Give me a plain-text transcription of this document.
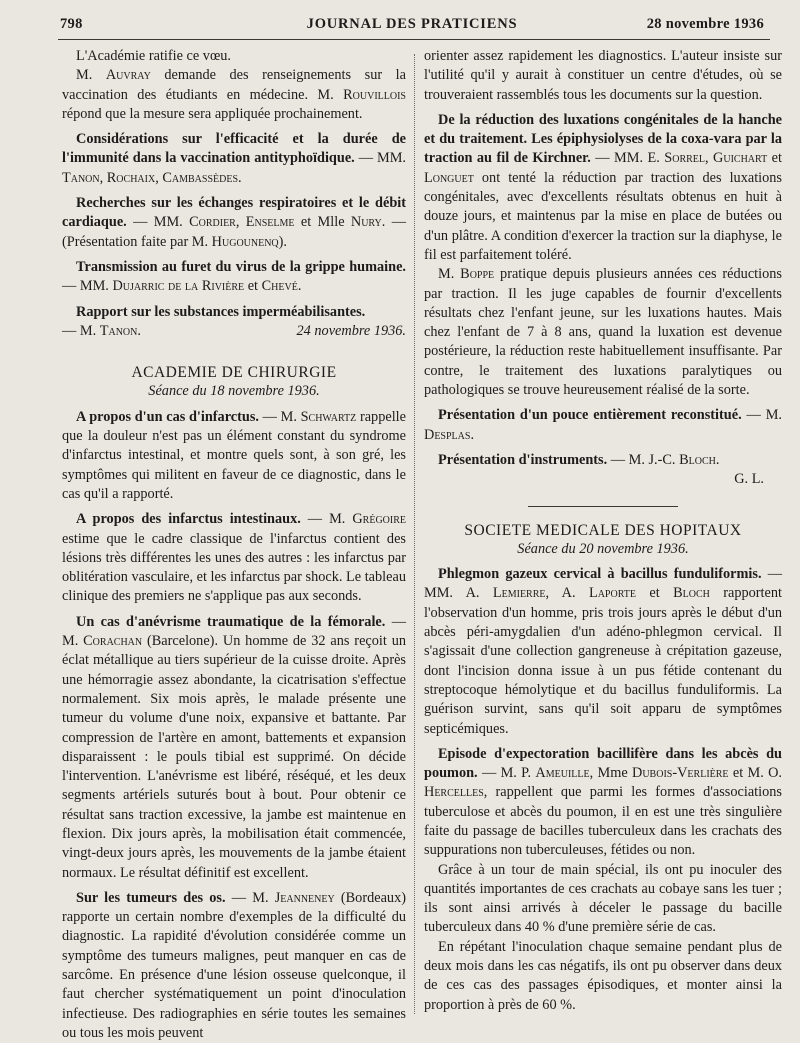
798	JOURNAL DES PRATICIENS	28 novembre 1936

L'Académie ratifie ce vœu.

M. Auvray demande des renseignements sur la vaccination des étudiants en médecine. M. Rouvillois répond que la mesure sera appliquée prochainement.

Considérations sur l'efficacité et la durée de l'immunité dans la vaccination antityphoïdique. — MM. Tanon, Rochaix, Cambassèdes.

Recherches sur les échanges respiratoires et le débit cardiaque. — MM. Cordier, Enselme et Mlle Nury. — (Présentation faite par M. Hugounenq).

Transmission au furet du virus de la grippe humaine. — MM. Dujarric de la Rivière et Chevé.

Rapport sur les substances imperméabilisantes.

— M. Tanon.	24 novembre 1936.
ACADEMIE DE CHIRURGIE
Séance du 18 novembre 1936.

A propos d'un cas d'infarctus. — M. Schwartz rappelle que la douleur n'est pas un élément constant du syndrome d'infarctus intestinal, et montre quels sont, à son gré, les symptômes qui militent en faveur de ce diagnostic, dans le cas qu'il a rapporté.

A propos des infarctus intestinaux. — M. Grégoire estime que le cadre classique de l'infarctus contient des lésions très différentes les unes des autres : les infarctus par oblitération vasculaire, et les infarctus par shock. Le tableau clinique des premiers ne s'applique pas aux seconds.

Un cas d'anévrisme traumatique de la fémorale. — M. Corachan (Barcelone). Un homme de 32 ans reçoit un éclat métallique au tiers supérieur de la cuisse droite. Après une hémorragie assez abondante, la cicatrisation s'effectue normalement. Six mois après, le malade présente une tumeur du volume d'une noix, expansive et battante. Par compression de l'artère en amont, battements et expansion disparaissent : le pouls tibial est supprimé. On décide l'intervention. L'anévrisme est libéré, réséqué, et les deux segments artériels suturés bout à bout. Pour obtenir ce résultat sans traction excessive, la jambe est maintenue en flexion. Dix jours après, la mobilisation était commencée, vingt-deux jours après, les mouvements de la jambe étaient normaux. Le résultat définitif est excellent.

Sur les tumeurs des os. — M. Jeanneney (Bordeaux) rapporte un certain nombre d'exemples de la difficulté du diagnostic. La rapidité d'évolution considérée comme un symptôme des tumeurs malignes, peut manquer en cas de sarcôme. En présence d'une lésion osseuse quelconque, il faut chercher systématiquement un point d'inoculation infectieuse. Des radiographies en série toutes les semaines ou tous les mois peuvent

orienter assez rapidement les diagnostics. L'auteur insiste sur l'utilité qu'il y aurait à constituer un centre d'études, où se trouveraient rassemblés tous les documents sur la question.

De la réduction des luxations congénitales de la hanche et du traitement. Les épiphysiolyses de la coxa-vara par la traction au fil de Kirchner. — MM. E. Sorrel, Guichart et Longuet ont tenté la réduction par traction des luxations congénitales, avec d'excellents résultats obtenus en huit à douze jours, et maintenus par la mise en place de butées ou d'un plâtre. A condition d'exercer la traction sur la diaphyse, le fil est parfaitement toléré.

M. Boppe pratique depuis plusieurs années ces réductions par traction. Il les juge capables de fournir d'excellents résultats chez l'enfant jeune, sur les luxations hautes. Mais chez l'enfant de 7 à 8 ans, quand la luxation est devenue postérieure, la réduction reste habituellement insuffisante. Par contre, le traitement des luxations paralytiques ou pathologiques se trouve heureusement réalisé de la sorte.

Présentation d'un pouce entièrement reconstitué. — M. Desplas.

Présentation d'instruments. — M. J.-C. Bloch.

G. L.
SOCIETE MEDICALE DES HOPITAUX
Séance du 20 novembre 1936.

Phlegmon gazeux cervical à bacillus funduliformis. — MM. A. Lemierre, A. Laporte et Bloch rapportent l'observation d'un homme, pris trois jours après le début d'un abcès péri-amygdalien d'un adéno-phlegmon cervical. Il s'agissait d'une collection gangreneuse à crépitation gazeuse, dont l'incision donna issue à un pus fétide contenant du streptocoque hémolytique et du bacillus funduliformis. La guérison survint, sans qu'il soit apparu de symptômes septicémiques.

Episode d'expectoration bacillifère dans les abcès du poumon. — M. P. Ameuille, Mme Dubois-Verlière et M. O. Hercelles, rappellent que parmi les formes d'associations tuberculose et abcès du poumon, il en est une très singulière faite du passage de bacilles tuberculeux dans les crachats des suppurations non tuberculeuses, fétides ou non.

Grâce à un tour de main spécial, ils ont pu inoculer des quantités importantes de ces crachats au cobaye sans les tuer ; ils sont ainsi arrivés à déceler le passage du bacille tuberculeux dans 40 % d'une première série de cas.

En répétant l'inoculation chaque semaine pendant plus de deux mois dans les cas négatifs, ils ont pu observer dans deux de ces cas des passages épisodiques, et monter ainsi la proportion à près de 60 %.
